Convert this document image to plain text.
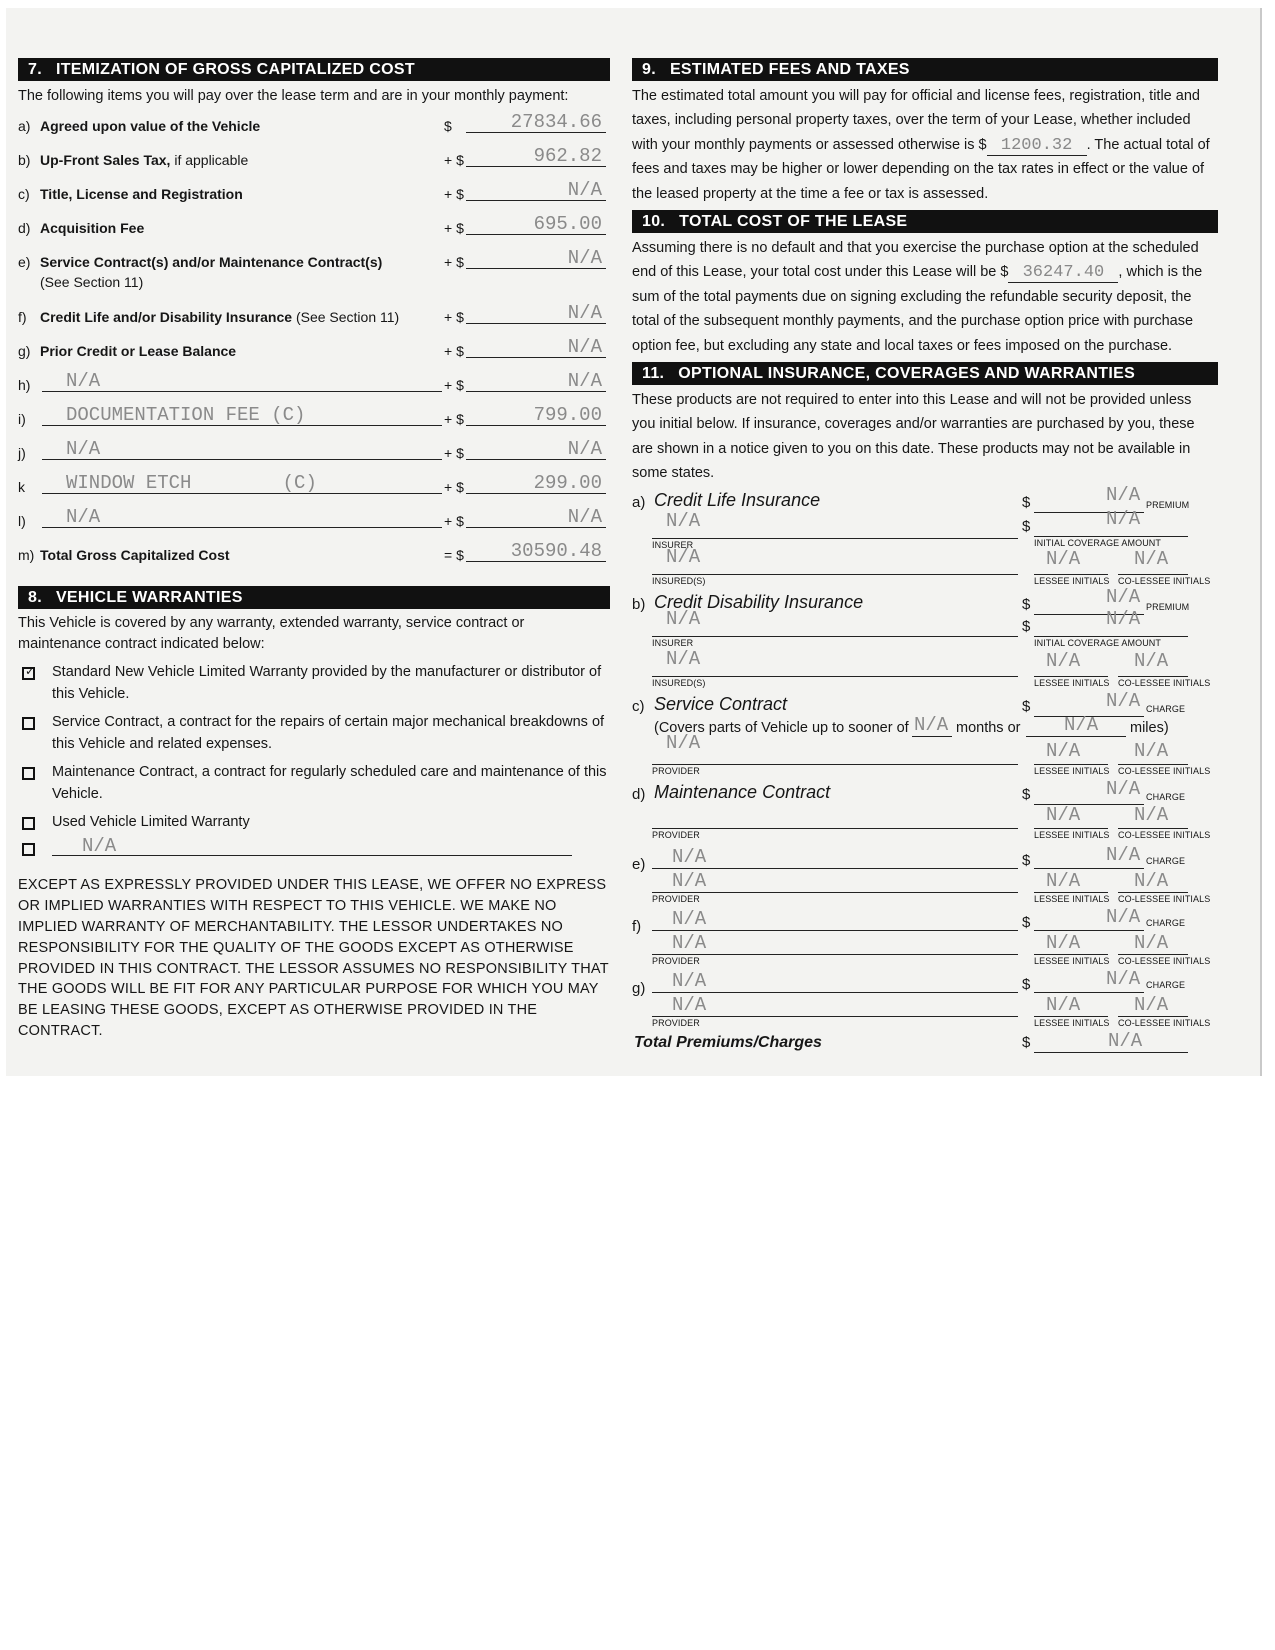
7. ITEMIZATION OF GROSS CAPITALIZED COST

The following items you will pay over the lease term and are in your monthly payment:

a) Agreed upon value of the Vehicle	$	27834.66
b) Up-Front Sales Tax, if applicable	+ $	962.82
c) Title, License and Registration	+ $	N/A
d) Acquisition Fee	+ $	695.00
e) Service Contract(s) and/or Maintenance Contract(s)
(See Section 11)
+ $	N/A
f) Credit Life and/or Disability Insurance (See Section 11)	+ $	N/A
g) Prior Credit or Lease Balance	+ $	N/A
h)	N/A	+ $	N/A
i)	DOCUMENTATION FEE (C)	+ $	799.00
j)	N/A	+ $	N/A
k	WINDOW ETCH        (C)	+ $	299.00
l)	N/A	+ $	N/A
m) Total Gross Capitalized Cost	= $	30590.48
8. VEHICLE WARRANTIES

This Vehicle is covered by any warranty, extended warranty, service contract or maintenance contract indicated below:

✓ Standard New Vehicle Limited Warranty provided by the manufacturer or distributor of this Vehicle.
Service Contract, a contract for the repairs of certain major mechanical breakdowns of this Vehicle and related expenses.
Maintenance Contract, a contract for regularly scheduled care and maintenance of this Vehicle.
Used Vehicle Limited Warranty
N/A

EXCEPT AS EXPRESSLY PROVIDED UNDER THIS LEASE, WE OFFER NO EXPRESS OR IMPLIED WARRANTIES WITH RESPECT TO THIS VEHICLE. WE MAKE NO IMPLIED WARRANTY OF MERCHANTABILITY. THE LESSOR UNDERTAKES NO RESPONSIBILITY FOR THE QUALITY OF THE GOODS EXCEPT AS OTHERWISE PROVIDED IN THIS CONTRACT. THE LESSOR ASSUMES NO RESPONSIBILITY THAT THE GOODS WILL BE FIT FOR ANY PARTICULAR PURPOSE FOR WHICH YOU MAY BE LEASING THESE GOODS, EXCEPT AS OTHERWISE PROVIDED IN THE CONTRACT.

9. ESTIMATED FEES AND TAXES

The estimated total amount you will pay for official and license fees, registration, title and taxes, including personal property taxes, over the term of your Lease, whether included with your monthly payments or assessed otherwise is $ 1200.32 . The actual total of fees and taxes may be higher or lower depending on the tax rates in effect or the value of the leased property at the time a fee or tax is assessed.

10. TOTAL COST OF THE LEASE

Assuming there is no default and that you exercise the purchase option at the scheduled end of this Lease, your total cost under this Lease will be $ 36247.40 , which is the sum of the total payments due on signing excluding the refundable security deposit, the total of the subsequent monthly payments, and the purchase option price with purchase option fee, but excluding any state and local taxes or fees imposed on the purchase.

11. OPTIONAL INSURANCE, COVERAGES AND WARRANTIES

These products are not required to enter into this Lease and will not be provided unless you initial below. If insurance, coverages and/or warranties are purchased by you, these are shown in a notice given to you on this date. These products may not be available in some states.

a) Credit Life Insurance	$	N/A PREMIUM
N/A
INSURER
$	N/A
INITIAL COVERAGE AMOUNT
N/A
INSURED(S)
N/A
LESSEE INITIALS
N/A
CO-LESSEE INITIALS
b) Credit Disability Insurance	$	N/A PREMIUM
N/A
INSURER
$	N/A
INITIAL COVERAGE AMOUNT
N/A
INSURED(S)
N/A
LESSEE INITIALS
N/A
CO-LESSEE INITIALS
c) Service Contract	$	N/A CHARGE
(Covers parts of Vehicle up to sooner of N/A months or N/A miles)
N/A
PROVIDER
N/A
LESSEE INITIALS
N/A
CO-LESSEE INITIALS
d) Maintenance Contract	$	N/A CHARGE
PROVIDER
N/A
LESSEE INITIALS
N/A
CO-LESSEE INITIALS
e) N/A	$	N/A CHARGE
N/A
PROVIDER
N/A
LESSEE INITIALS
N/A
CO-LESSEE INITIALS
f) N/A	$	N/A CHARGE
N/A
PROVIDER
N/A
LESSEE INITIALS
N/A
CO-LESSEE INITIALS
g) N/A	$	N/A CHARGE
N/A
PROVIDER
N/A
LESSEE INITIALS
N/A
CO-LESSEE INITIALS
Total Premiums/Charges	$	N/A
